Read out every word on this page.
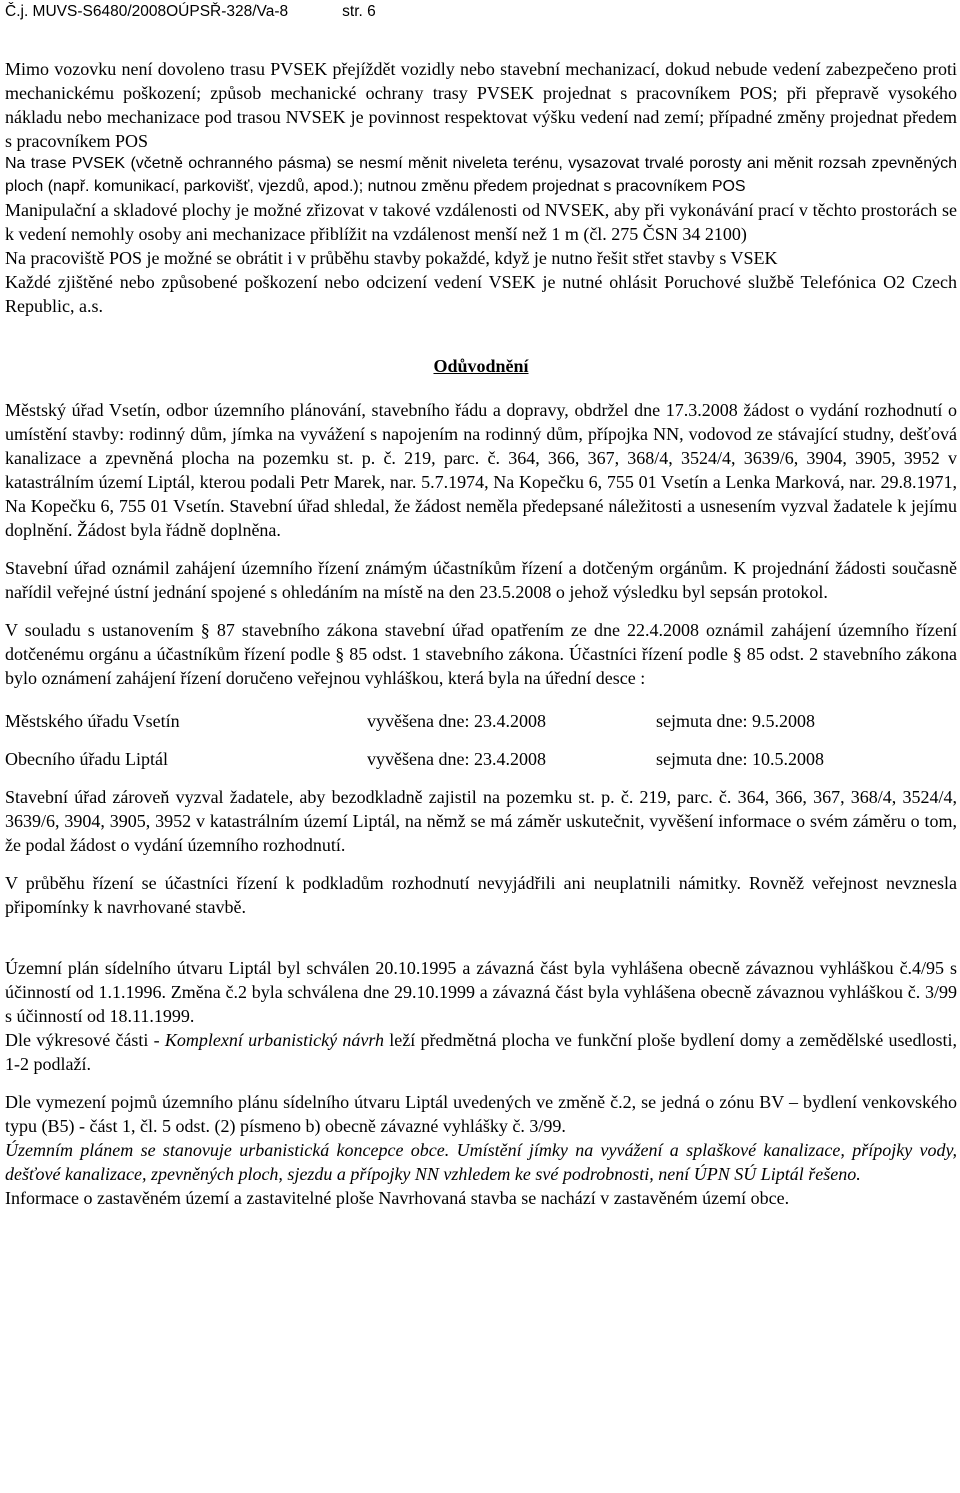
Č.j. MUVS-S6480/2008OÚPSŘ-328/Va-8	str. 6

Mimo vozovku není dovoleno trasu PVSEK přejíždět vozidly nebo stavební mechanizací, dokud nebude vedení zabezpečeno proti mechanickému poškození; způsob mechanické ochrany trasy PVSEK projednat s pracovníkem POS; při přepravě vysokého nákladu nebo mechanizace pod trasou NVSEK je povinnost respektovat výšku vedení nad zemí; případné změny projednat předem s pracovníkem POS

Na trase PVSEK (včetně ochranného pásma) se nesmí měnit niveleta terénu, vysazovat trvalé porosty ani měnit rozsah zpevněných ploch (např. komunikací, parkovišť, vjezdů, apod.); nutnou změnu předem projednat s pracovníkem POS

Manipulační a skladové plochy je možné zřizovat v takové vzdálenosti od NVSEK, aby při vykonávání prací v těchto prostorách se k vedení nemohly osoby ani mechanizace přiblížit na vzdálenost menší než 1 m (čl. 275 ČSN 34 2100)

Na pracoviště POS je možné se obrátit i v průběhu stavby pokaždé, když je nutno řešit střet stavby s VSEK

Každé zjištěné nebo způsobené poškození nebo odcizení vedení VSEK je nutné ohlásit Poruchové službě Telefónica O2 Czech Republic, a.s.

Odůvodnění

Městský úřad Vsetín, odbor územního plánování, stavebního řádu a dopravy, obdržel dne 17.3.2008 žádost o vydání rozhodnutí o umístění stavby: rodinný dům, jímka na vyvážení s napojením na rodinný dům, přípojka NN, vodovod ze stávající studny, dešťová kanalizace a zpevněná plocha na pozemku st. p. č. 219, parc. č. 364, 366, 367, 368/4, 3524/4, 3639/6, 3904, 3905, 3952 v katastrálním území Liptál, kterou podali Petr Marek, nar. 5.7.1974, Na Kopečku 6, 755 01 Vsetín a Lenka Marková, nar. 29.8.1971, Na Kopečku 6, 755 01 Vsetín. Stavební úřad shledal, že žádost neměla předepsané náležitosti a usnesením vyzval žadatele k jejímu doplnění. Žádost byla řádně doplněna.

Stavební úřad oznámil zahájení územního řízení známým účastníkům řízení a dotčeným orgánům. K projednání žádosti současně nařídil veřejné ústní jednání spojené s ohledáním na místě na den 23.5.2008 o jehož výsledku byl sepsán protokol.

V souladu s ustanovením § 87 stavebního zákona stavební úřad opatřením ze dne 22.4.2008 oznámil zahájení územního řízení dotčenému orgánu a účastníkům řízení podle § 85 odst. 1 stavebního zákona. Účastníci řízení podle § 85 odst. 2 stavebního zákona bylo oznámení zahájení řízení doručeno veřejnou vyhláškou, která byla na úřední desce :

Městského úřadu Vsetín	vyvěšena dne: 23.4.2008	sejmuta dne: 9.5.2008
Obecního úřadu Liptál	vyvěšena dne: 23.4.2008	sejmuta dne: 10.5.2008

Stavební úřad zároveň vyzval žadatele, aby bezodkladně zajistil na pozemku st. p. č. 219, parc. č. 364, 366, 367, 368/4, 3524/4, 3639/6, 3904, 3905, 3952 v katastrálním území Liptál, na němž se má záměr uskutečnit, vyvěšení informace o svém záměru o tom, že podal žádost o vydání územního rozhodnutí.

V průběhu řízení se účastníci řízení k podkladům rozhodnutí nevyjádřili ani neuplatnili námitky. Rovněž veřejnost nevznesla připomínky k navrhované stavbě.

Územní plán sídelního útvaru Liptál byl schválen 20.10.1995 a závazná část byla vyhlášena obecně závaznou vyhláškou č.4/95 s účinností od 1.1.1996. Změna č.2 byla schválena dne 29.10.1999 a závazná část byla vyhlášena obecně závaznou vyhláškou č. 3/99 s účinností od 18.11.1999.

Dle výkresové části - Komplexní urbanistický návrh leží předmětná plocha ve funkční ploše bydlení domy a zemědělské usedlosti, 1-2 podlaží.

Dle vymezení pojmů územního plánu sídelního útvaru Liptál uvedených ve změně č.2, se jedná o zónu BV – bydlení venkovského typu (B5) - část 1, čl. 5 odst. (2) písmeno b) obecně závazné vyhlášky č. 3/99.

Územním plánem se stanovuje urbanistická koncepce obce. Umístění jímky na vyvážení a splaškové kanalizace, přípojky vody, dešťové kanalizace, zpevněných ploch, sjezdu a přípojky NN vzhledem ke své podrobnosti, není ÚPN SÚ Liptál řešeno.

Informace o zastavěném území a zastavitelné ploše Navrhovaná stavba se nachází v zastavěném území obce.
